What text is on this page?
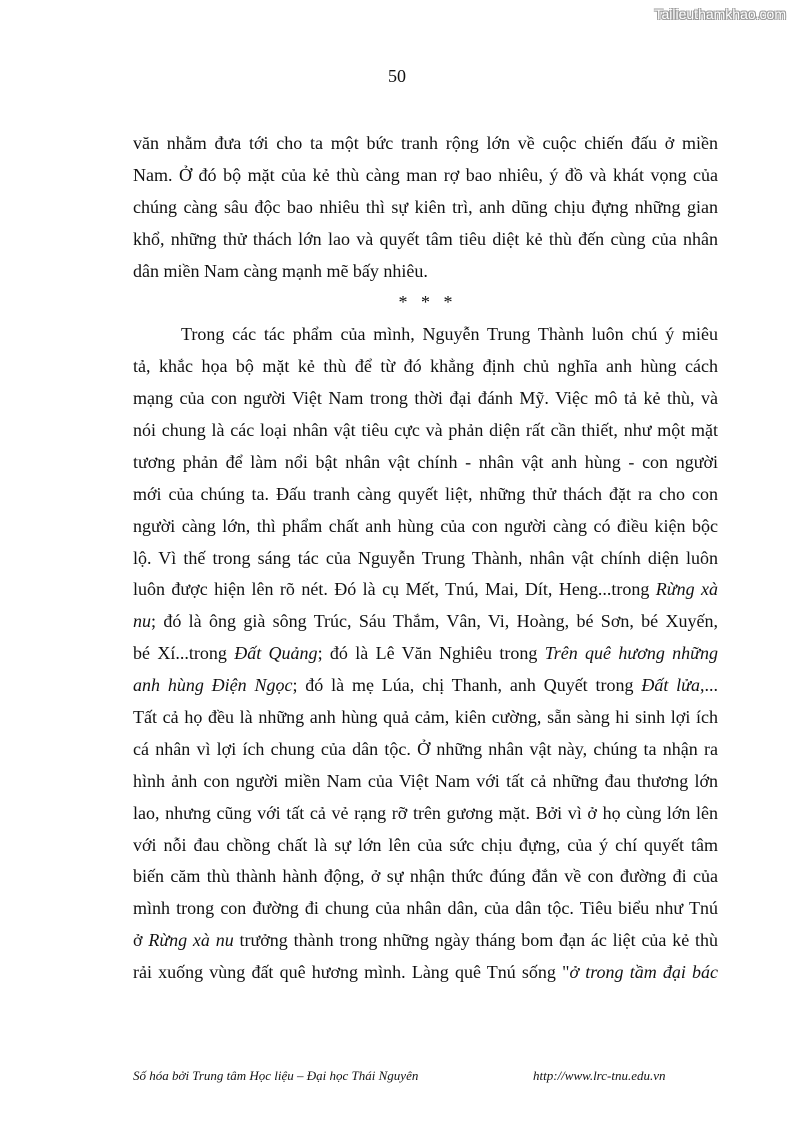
Tailieuthamkhao.com
50
văn nhằm đưa tới cho ta một bức tranh rộng lớn về cuộc chiến đấu ở miền
Nam. Ở đó bộ mặt của kẻ thù càng man rợ bao nhiêu, ý đồ và khát vọng của
chúng càng sâu độc bao nhiêu thì sự kiên trì, anh dũng chịu đựng những gian
khổ, những thử thách lớn lao và quyết tâm tiêu diệt kẻ thù đến cùng của nhân
dân miền Nam càng mạnh mẽ bấy nhiêu.
*   *   *
Trong các tác phẩm của mình, Nguyễn Trung Thành luôn chú ý miêu
tả, khắc họa bộ mặt kẻ thù để từ đó khẳng định chủ nghĩa anh hùng cách
mạng của con người Việt Nam trong thời đại đánh Mỹ. Việc mô tả kẻ thù, và
nói chung là các loại nhân vật tiêu cực và phản diện rất cần thiết, như một mặt
tương phản để làm nổi bật nhân vật chính - nhân vật anh hùng - con người
mới của chúng ta. Đấu tranh càng quyết liệt, những thử thách đặt ra cho con
người càng lớn, thì phẩm chất anh hùng của con người càng có điều kiện bộc
lộ. Vì thế trong sáng tác của Nguyễn Trung Thành, nhân vật chính diện luôn
luôn được hiện lên rõ nét. Đó là cụ Mết, Tnú, Mai, Dít, Heng...trong Rừng xà
nu; đó là ông già sông Trúc, Sáu Thắm, Vân, Vi, Hoàng, bé Sơn, bé Xuyến,
bé Xí...trong Đất Quảng; đó là Lê Văn Nghiêu trong Trên quê hương những
anh hùng Điện Ngọc; đó là mẹ Lúa, chị Thanh, anh Quyết trong Đất lửa,...
Tất cả họ đều là những anh hùng quả cảm, kiên cường, sẵn sàng hi sinh lợi ích
cá nhân vì lợi ích chung của dân tộc. Ở những nhân vật này, chúng ta nhận ra
hình ảnh con người miền Nam của Việt Nam với tất cả những đau thương lớn
lao, nhưng cũng với tất cả vẻ rạng rỡ trên gương mặt. Bởi vì ở họ cùng lớn lên
với nỗi đau chồng chất là sự lớn lên của sức chịu đựng, của ý chí quyết tâm
biến căm thù thành hành động, ở sự nhận thức đúng đắn về con đường đi của
mình trong con đường đi chung của nhân dân, của dân tộc. Tiêu biểu như Tnú
ở Rừng xà nu trưởng thành trong những ngày tháng bom đạn ác liệt của kẻ thù
rải xuống vùng đất quê hương mình. Làng quê Tnú sống "ở trong tầm đại bác
Số hóa bởi Trung tâm Học liệu – Đại học Thái Nguyên	http://www.lrc-tnu.edu.vn
